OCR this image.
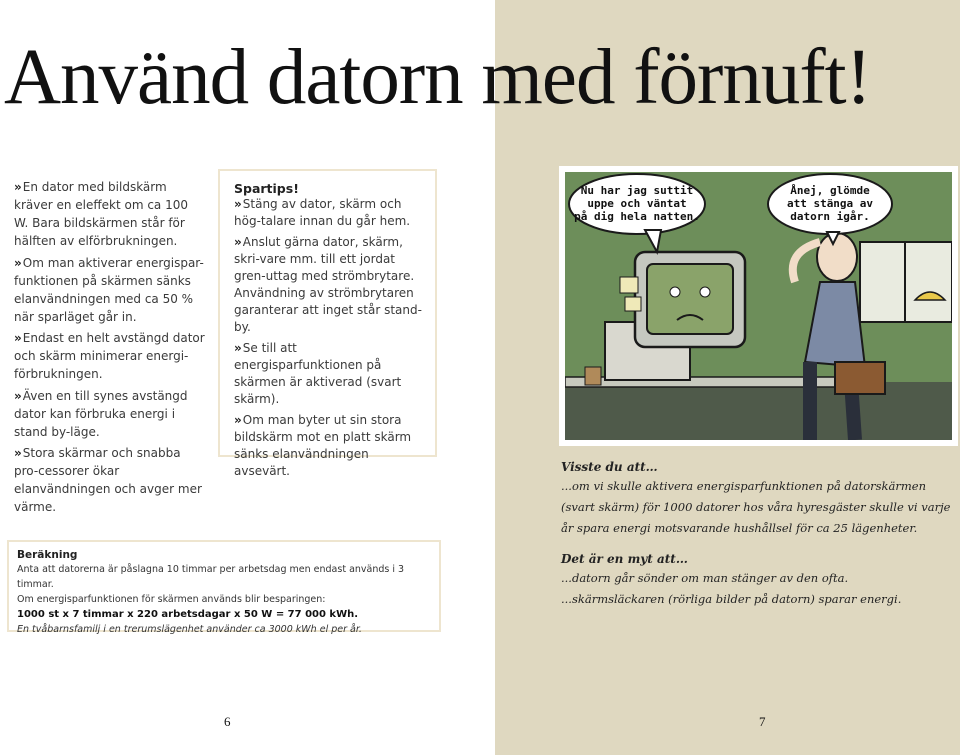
Använd datorn med förnuft!

»En dator med bildskärm kräver en eleffekt om ca 100 W. Bara bildskärmen står för hälften av elförbrukningen.

»Om man aktiverar energispar-funktionen på skärmen sänks elanvändningen med ca 50 % när sparläget går in.

»Endast en helt avstängd dator och skärm minimerar energi-förbrukningen.

»Även en till synes avstängd dator kan förbruka energi i stand by-läge.

»Stora skärmar och snabba pro-cessorer ökar elanvändningen och avger mer värme.

Spartips!

»Stäng av dator, skärm och hög-talare innan du går hem.

»Anslut gärna dator, skärm, skri-vare mm. till ett jordat gren-uttag med strömbrytare. Användning av strömbrytaren garanterar att inget står stand-by.

»Se till att energisparfunktionen på skärmen är aktiverad (svart skärm).

»Om man byter ut sin stora bildskärm mot en platt skärm sänks elanvändningen avsevärt.

Beräkning
Anta att datorerna är påslagna 10 timmar per arbetsdag men endast används i 3 timmar.
Om energisparfunktionen för skärmen används blir besparingen:
1000 st x 7 timmar x 220 arbetsdagar x 50 W = 77 000 kWh.
En tvåbarnsfamilj i en trerumslägenhet använder ca 3000 kWh el per år.
Nu har jag suttit
uppe och väntat
på dig hela natten.
Ånej, glömde
att stänga av
datorn igår.
Visste du att…
...om vi skulle aktivera energisparfunktionen på datorskärmen (svart skärm) för 1000 datorer hos våra hyresgäster skulle vi varje år spara energi motsvarande hushållsel för ca 25 lägenheter.
Det är en myt att…
...datorn går sönder om man stänger av den ofta.
...skärmsläckaren (rörliga bilder på datorn) sparar energi.
6	7
